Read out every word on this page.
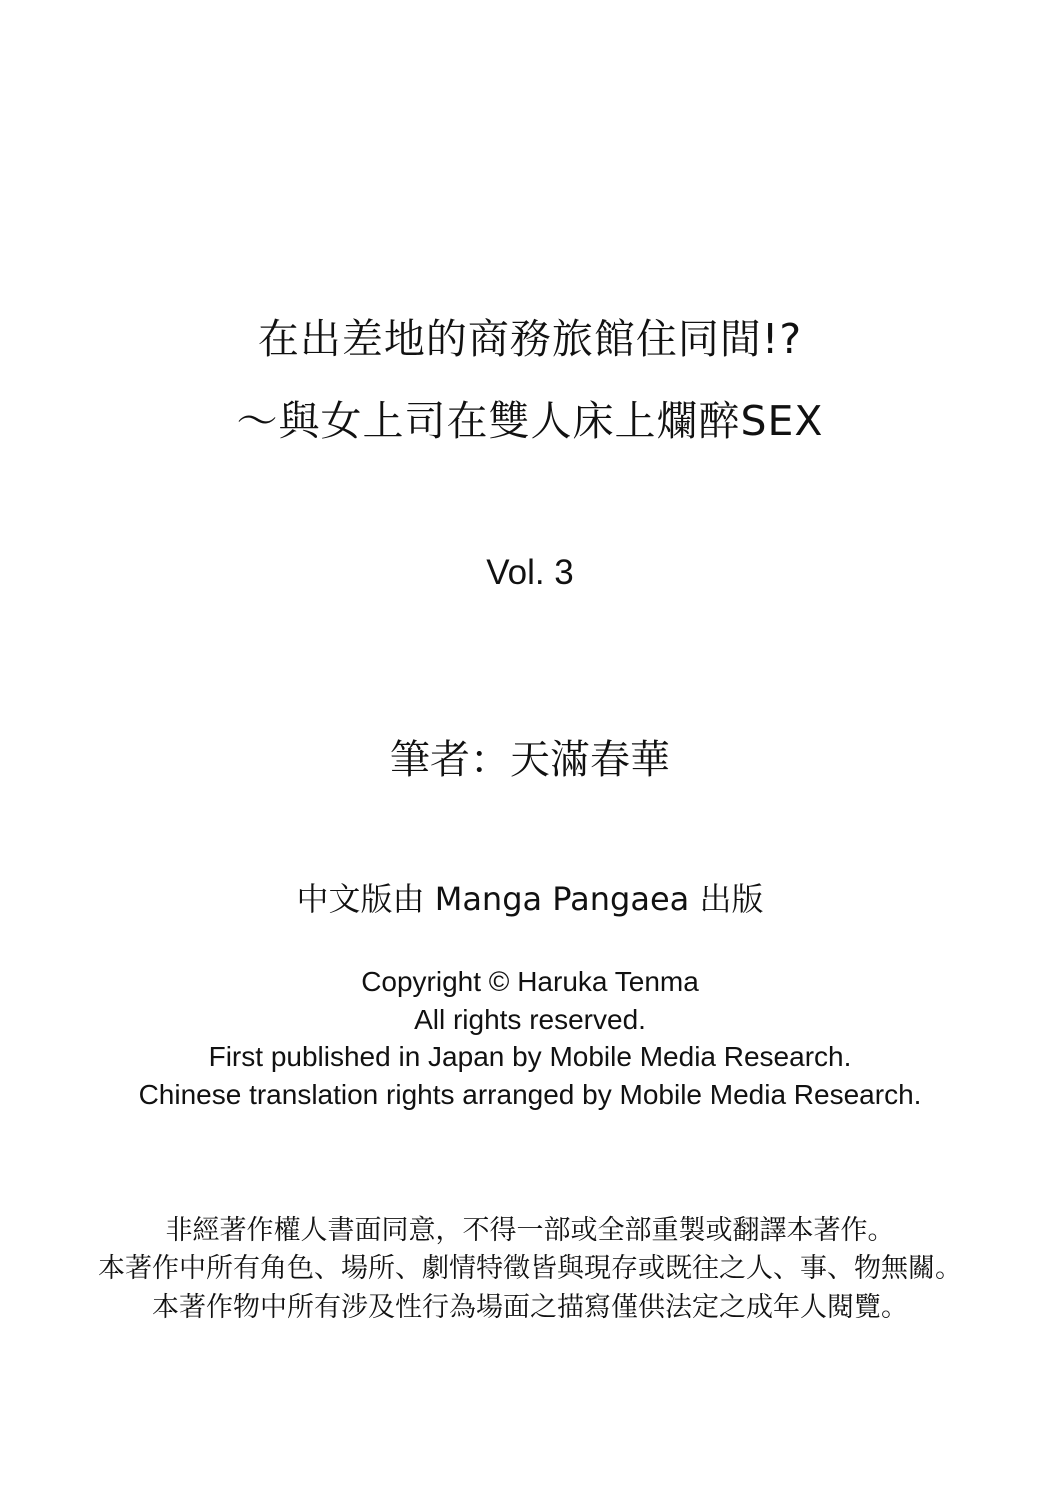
在出差地的商務旅館住同間!?
～與女上司在雙人床上爛醉SEX
Vol. 3
筆者：天滿春華
中文版由 Manga Pangaea 出版
Copyright © Haruka Tenma
All rights reserved.
First published in Japan by Mobile Media Research.
Chinese translation rights arranged by Mobile Media Research.
非經著作權人書面同意，不得一部或全部重製或翻譯本著作。
本著作中所有角色、場所、劇情特徵皆與現存或既往之人、事、物無關。
本著作物中所有涉及性行為場面之描寫僅供法定之成年人閱覽。
